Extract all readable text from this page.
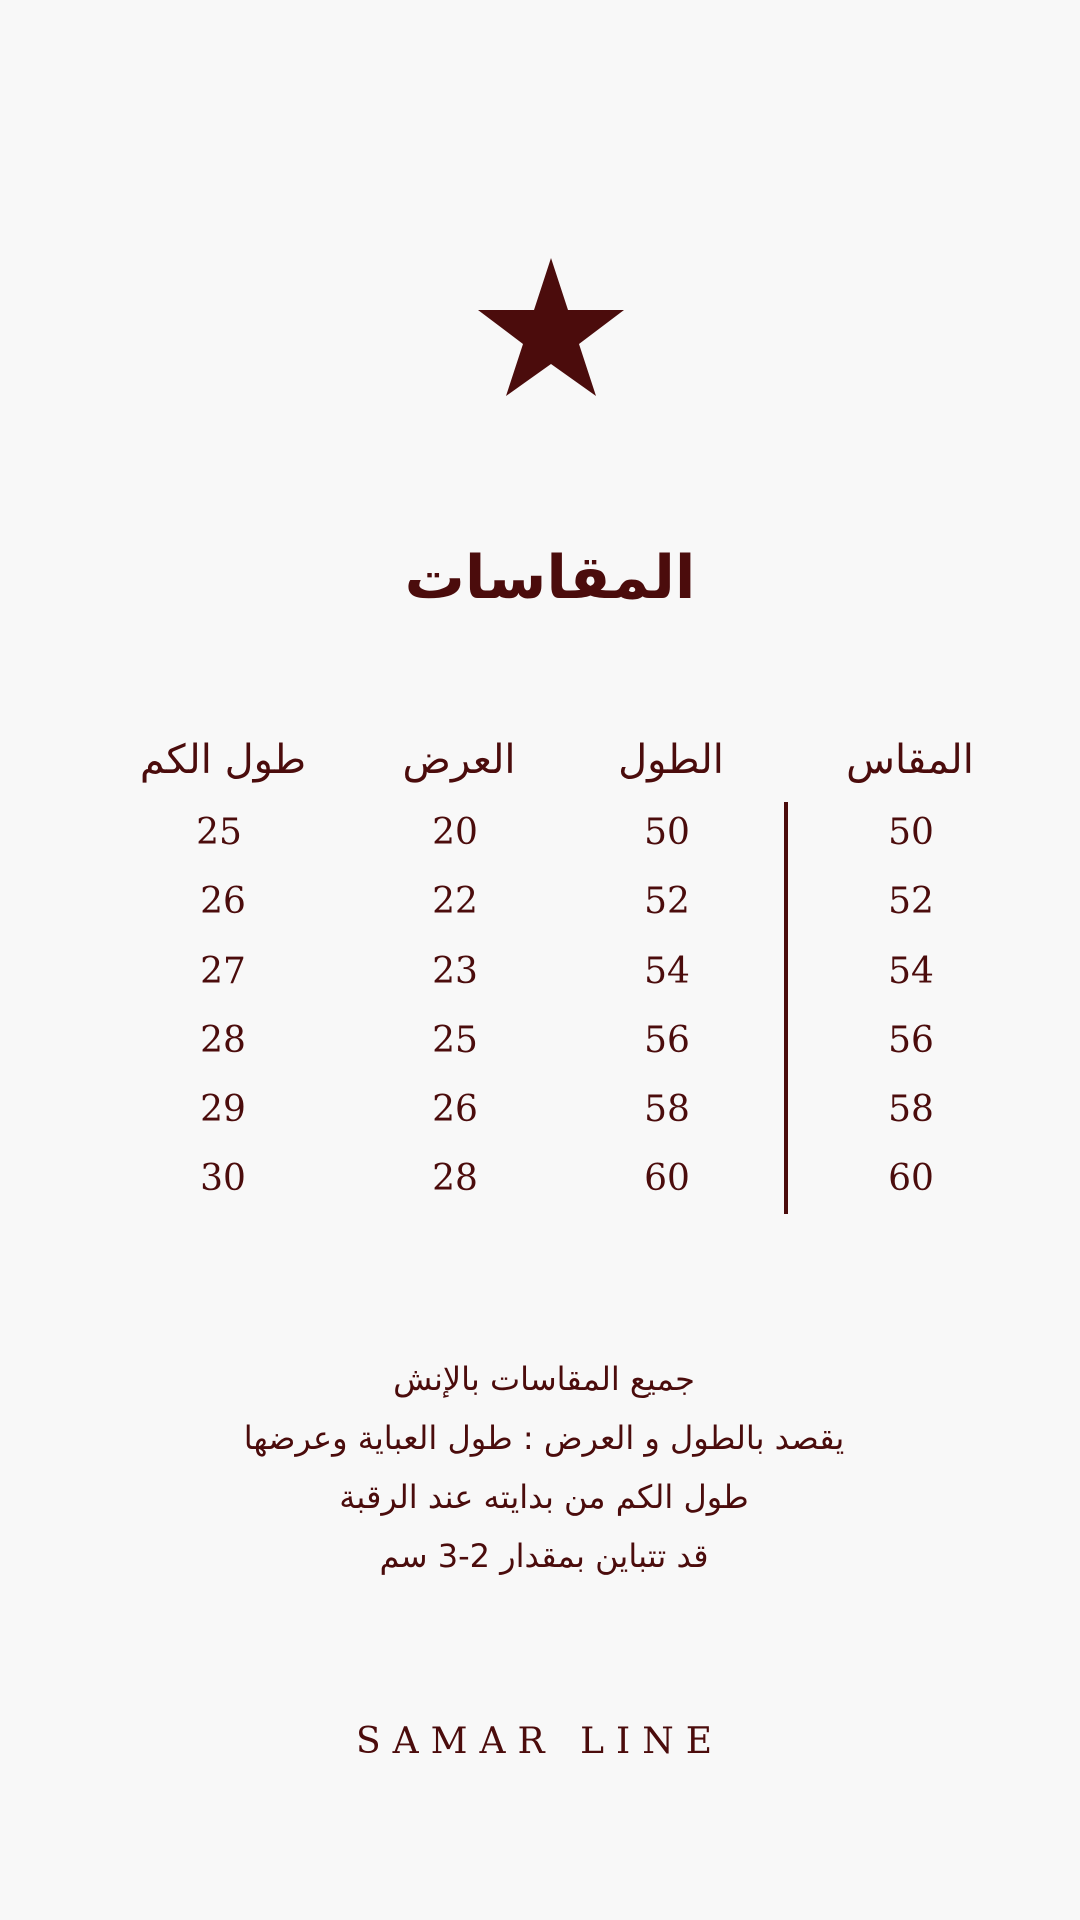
المقاسات
المقاس
الطول
العرض
طول الكم
50
50
20
25
52
52
22
26
54
54
23
27
56
56
25
28
58
58
26
29
60
60
28
30
جميع المقاسات بالإنش
يقصد بالطول و العرض : طول العباية وعرضها
طول الكم من بدايته عند الرقبة
قد تتباين بمقدار 2-3 سم
SAMAR LINE
